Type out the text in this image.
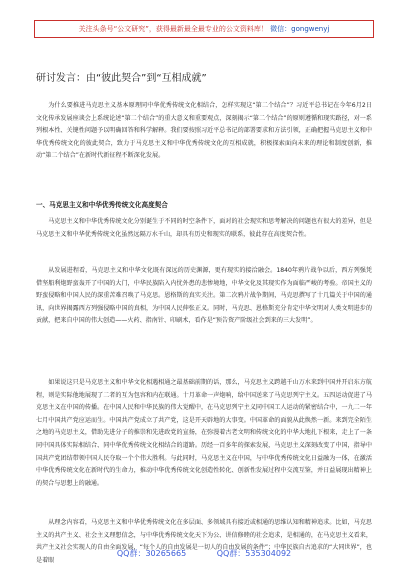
关注头条号“公文研究”，获得最新最全最专业的公文资料库！ 微信：gongwenyj
研讨发言：由“彼此契合”到“互相成就”

为什么要推进马克思主义基本原理同中华优秀传统文化相结合，怎样实现这“第二个结合”？习近平总书记在今年6月2日文化传承发展座谈会上系统论述“第二个结合”的重大意义和重要观点，深刻揭示“第二个结合”的原则遵循和现实路径，对一系列根本性、关键性问题予以明确回答和科学解释。我们要按照习近平总书记的部署要求和方法引领，正确把握马克思主义和中华优秀传统文化的彼此契合，致力于马克思主义和中华优秀传统文化的互相成就，积极探索面向未来的理论和制度创新，推动“第二个结合”在新时代新征程不断深化发展。

一、马克思主义和中华优秀传统文化高度契合

马克思主义和中华优秀传统文化分别诞生于不同的时空条件下，面对的社会现实和思考解决的问题也有很大的差异，但是马克思主义和中华优秀传统文化虽然远隔万水千山，却具有历史和现实的联系，彼此存在高度契合性。

从发展进程看，马克思主义和中华文化既有深远的历史渊源，更有现实的接洽融会。1840年鸦片战争以后，西方列强凭借坚船利炮野蛮轰开了中国的大门，中华民族陷入内忧外患的悲惨境地，中华文化及其现实作为面临严峻的考验。帝国主义的野蛮侵略和中国人民的深重苦难召唤了马克思。恩格斯的真实关注。第二次鸦片战争期间，马克思撰写了十几篇关于中国的通讯，向世界揭露西方列强侵略中国的真相，为中国人民伸张正义。同时，马克思、恩格斯充分肯定中华文明对人类文明进步的贡献，把来自中国的伟大创造——火药、指南针、印刷术，看作是“预告资产阶级社会到来的三大发明”。

如果说这只是马克思主义和中华文化相遇相通之最基础前期的话，那么，马克思主义跨越千山万水来到中国并开启东方航程，则是实际他地展现了二者的互为包容和内在联通。十月革命一声炮响，给中国送来了马克思列宁主义。五四运动促进了马克思主义在中国的传播。在中国人民和中华民族的伟大觉醒中，在马克思列宁主义同中国工人运动的紧密结合中，一九二一年七月中国共产党应运而生。中国共产党成立了共产党，这是开天辟地的大事变。中国革命的面貌从此焕然一新。来到完全陌生之地的马克思主义，借助先进分子的推崇和先进政党的宣扬，在弥漫着古老文明和传统文化的中华大地扎下根来，走上了一条同中国具体实际相结合、同中华优秀传统文化相结合的道路。历经一百多年的探索发展，马克思主义深刻改变了中国，指导中国共产党团结带领中国人民夺取一个个伟大胜利。与此同时，马克思主义在中国，与中华优秀传统文化日益融为一体，在激活中华优秀传统文化在新时代的生命力，推动中华优秀传统文化创造性转化、创新性发展过程中交流互鉴，并日益展现出精神上的契合与思想上的融通。

从理念内容看，马克思主义和中华优秀传统文化在多层面、多领域具有接近或相通的思维认知和精神追求。比如，马克思主义的共产主义、社会主义理想信念，与中华优秀传统文化天下为公、讲信修睦的社会追求，是相通的，在马克思主义看来，共产主义社会实现人的自由全面发展，“每个人的自由发展是一切人的自由发展的条件”；中华民族自古追求的“大同世界”，也是着眼

QQ群：30265665	QQ群：535304092
